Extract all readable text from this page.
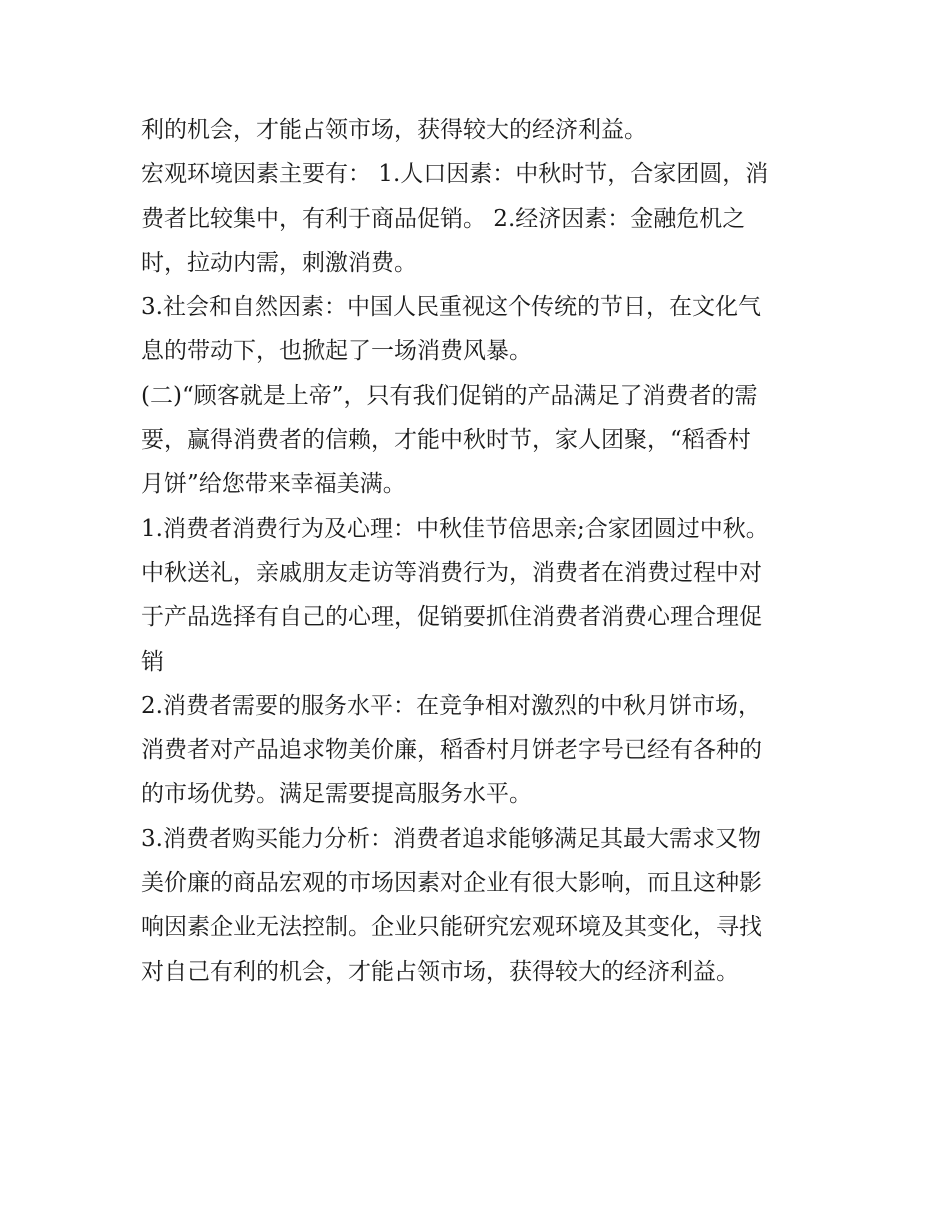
利的机会，才能占领市场，获得较大的经济利益。
宏观环境因素主要有： 1.人口因素：中秋时节，合家团圆，消
费者比较集中，有利于商品促销。 2.经济因素：金融危机之
时，拉动内需，刺激消费。
3.社会和自然因素：中国人民重视这个传统的节日，在文化气
息的带动下，也掀起了一场消费风暴。
(二)“顾客就是上帝”，只有我们促销的产品满足了消费者的需
要，赢得消费者的信赖，才能中秋时节，家人团聚，“稻香村
月饼”给您带来幸福美满。
1.消费者消费行为及心理：中秋佳节倍思亲;合家团圆过中秋。
中秋送礼，亲戚朋友走访等消费行为，消费者在消费过程中对
于产品选择有自己的心理，促销要抓住消费者消费心理合理促
销
2.消费者需要的服务水平：在竞争相对激烈的中秋月饼市场，
消费者对产品追求物美价廉，稻香村月饼老字号已经有各种的
的市场优势。满足需要提高服务水平。
3.消费者购买能力分析：消费者追求能够满足其最大需求又物
美价廉的商品宏观的市场因素对企业有很大影响，而且这种影
响因素企业无法控制。企业只能研究宏观环境及其变化，寻找
对自己有利的机会，才能占领市场，获得较大的经济利益。
